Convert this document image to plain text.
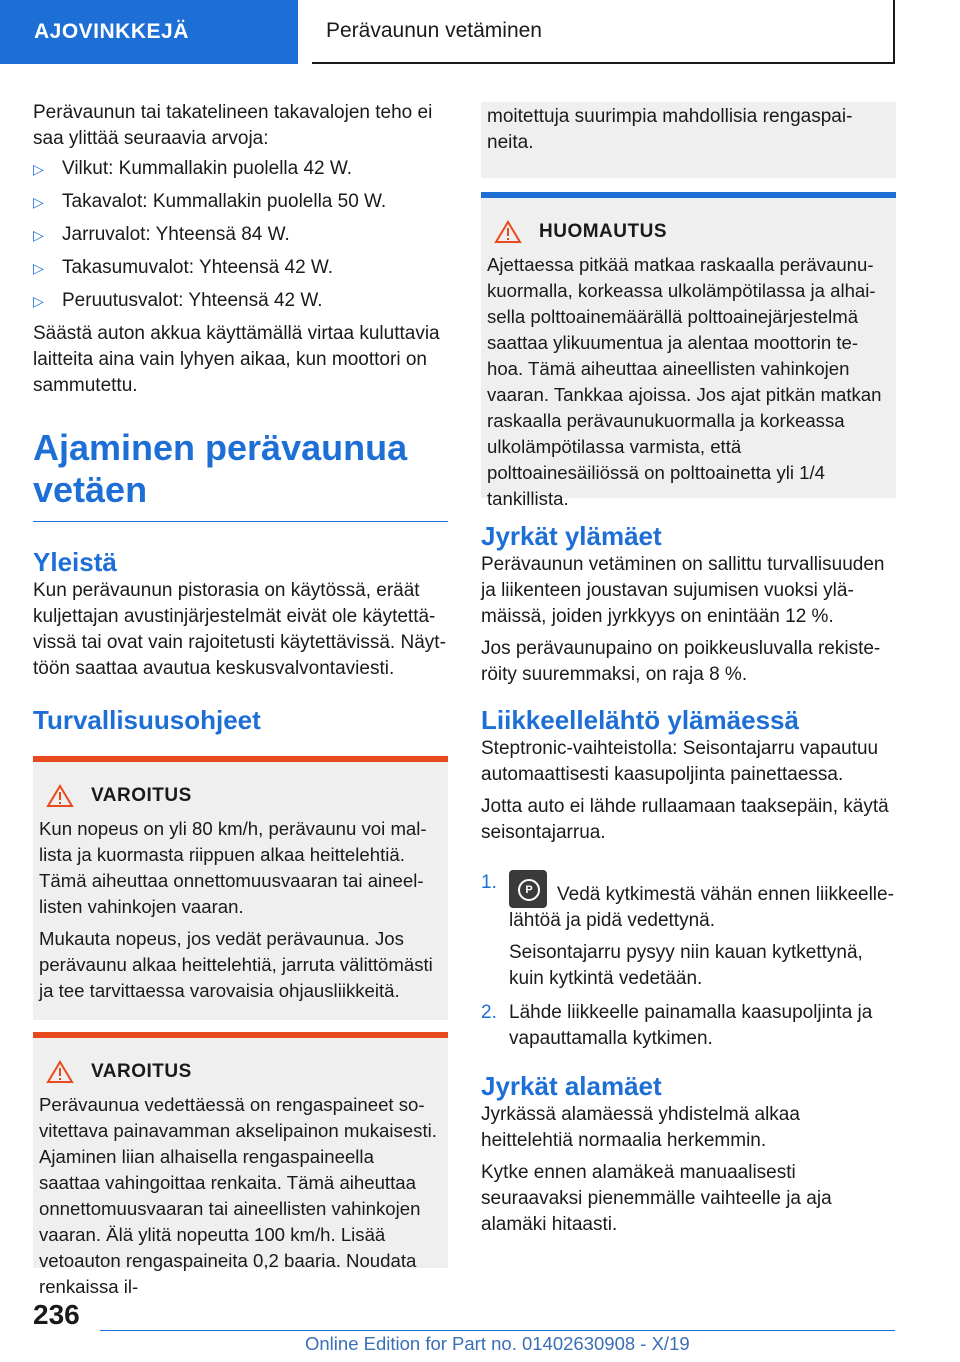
AJOVINKKEJÄ	Perävaunun vetäminen

Perävaunun tai takatelineen takavalojen teho ei saa ylittää seuraavia arvoja:

▷ Vilkut: Kummallakin puolella 42 W.
▷ Takavalot: Kummallakin puolella 50 W.
▷ Jarruvalot: Yhteensä 84 W.
▷ Takasumuvalot: Yhteensä 42 W.
▷ Peruutusvalot: Yhteensä 42 W.

Säästä auton akkua käyttämällä virtaa kuluttavia laitteita aina vain lyhyen aikaa, kun moottori on sammutettu.

Ajaminen perävaunua vetäen
Yleistä

Kun perävaunun pistorasia on käytössä, eräät kuljettajan avustinjärjestelmät eivät ole käytettävissä tai ovat vain rajoitetusti käytettävissä. Näyttöön saattaa avautua keskusvalvontaviesti.

Turvallisuusohjeet
VAROITUS

Kun nopeus on yli 80 km/h, perävaunu voi mallista ja kuormasta riippuen alkaa heittelehtiä. Tämä aiheuttaa onnettomuusvaaran tai aineellisten vahinkojen vaaran.

Mukauta nopeus, jos vedät perävaunua. Jos perävaunu alkaa heittelehtiä, jarruta välittömästi ja tee tarvittaessa varovaisia ohjausliikkeitä.

VAROITUS

Perävaunua vedettäessä on rengaspaineet sovitettava painavamman akselipainon mukaisesti. Ajaminen liian alhaisella rengaspaineella saattaa vahingoittaa renkaita. Tämä aiheuttaa onnettomuusvaaran tai aineellisten vahinkojen vaaran. Älä ylitä nopeutta 100 km/h. Lisää vetoauton rengaspaineita 0,2 baaria. Noudata renkaissa il-

moitettuja suurimpia mahdollisia rengaspaineita.

HUOMAUTUS

Ajettaessa pitkää matkaa raskaalla perävaunukuormalla, korkeassa ulkolämpötilassa ja alhaisella polttoainemäärällä polttoainejärjestelmä saattaa ylikuumentua ja alentaa moottorin tehoa. Tämä aiheuttaa aineellisten vahinkojen vaaran. Tankkaa ajoissa. Jos ajat pitkän matkan raskaalla perävaunukuormalla ja korkeassa ulkolämpötilassa varmista, että polttoainesäiliössä on polttoainetta yli 1/4 tankillista.

Jyrkät ylämäet

Perävaunun vetäminen on sallittu turvallisuuden ja liikenteen joustavan sujumisen vuoksi ylämäissä, joiden jyrkkyys on enintään 12 %.

Jos perävaunupaino on poikkeusluvalla rekisteröity suuremmaksi, on raja 8 %.

Liikkeellelähtö ylämäessä

Steptronic-vaihteistolla: Seisontajarru vapautuu automaattisesti kaasupoljinta painettaessa.

Jotta auto ei lähde rullaamaan taaksepäin, käytä seisontajarrua.

1.	P	Vedä kytkimestä vähän ennen liikkeellelähtöä ja pidä vedettynä.

Seisontajarru pysyy niin kauan kytkettynä, kuin kytkintä vedetään.

2. Lähde liikkeelle painamalla kaasupoljinta ja vapauttamalla kytkimen.
Jyrkät alamäet

Jyrkässä alamäessä yhdistelmä alkaa heittelehtiä normaalia herkemmin.

Kytke ennen alamäkeä manuaalisesti seuraavaksi pienemmälle vaihteelle ja aja alamäki hitaasti.

236
Online Edition for Part no. 01402630908 - X/19
